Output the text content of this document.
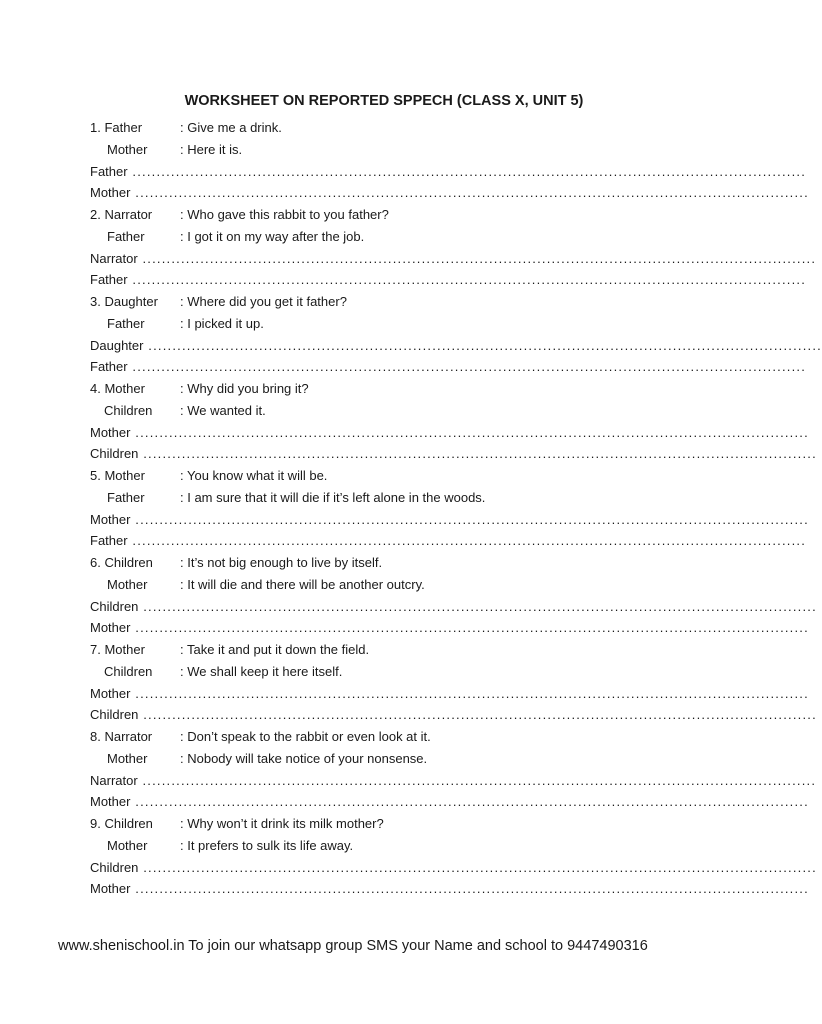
WORKSHEET ON REPORTED SPPECH (CLASS X, UNIT 5)
1. Father	: Give me a drink.
Mother	: Here it is.
Father ............................................................................................................................................
Mother ............................................................................................................................................
2. Narrator : Who gave this rabbit to you father?
Father	: I got it on my way after the job.
Narrator ............................................................................................................................................
Father ............................................................................................................................................
3. Daughter : Where did you get it father?
Father	: I picked it up.
Daughter ............................................................................................................................................
Father ............................................................................................................................................
4. Mother	: Why did you bring it?
Children : We wanted it.
Mother ............................................................................................................................................
Children ............................................................................................................................................
5. Mother	: You know what it will be.
Father	: I am sure that it will die if it’s left alone in the woods.
Mother ............................................................................................................................................
Father ............................................................................................................................................
6. Children : It’s not big enough to live by itself.
Mother	: It will die and there will be another outcry.
Children ............................................................................................................................................
Mother ............................................................................................................................................
7. Mother	: Take it and put it down the field.
Children : We shall keep it here itself.
Mother ............................................................................................................................................
Children ............................................................................................................................................
8. Narrator : Don’t speak to the rabbit or even look at it.
Mother	: Nobody will take notice of your nonsense.
Narrator ............................................................................................................................................
Mother ............................................................................................................................................
9. Children : Why won’t it drink its milk mother?
Mother	: It prefers to sulk its life away.
Children ............................................................................................................................................
Mother ............................................................................................................................................
www.shenischool.in To join our whatsapp group SMS your Name and school to 9447490316
